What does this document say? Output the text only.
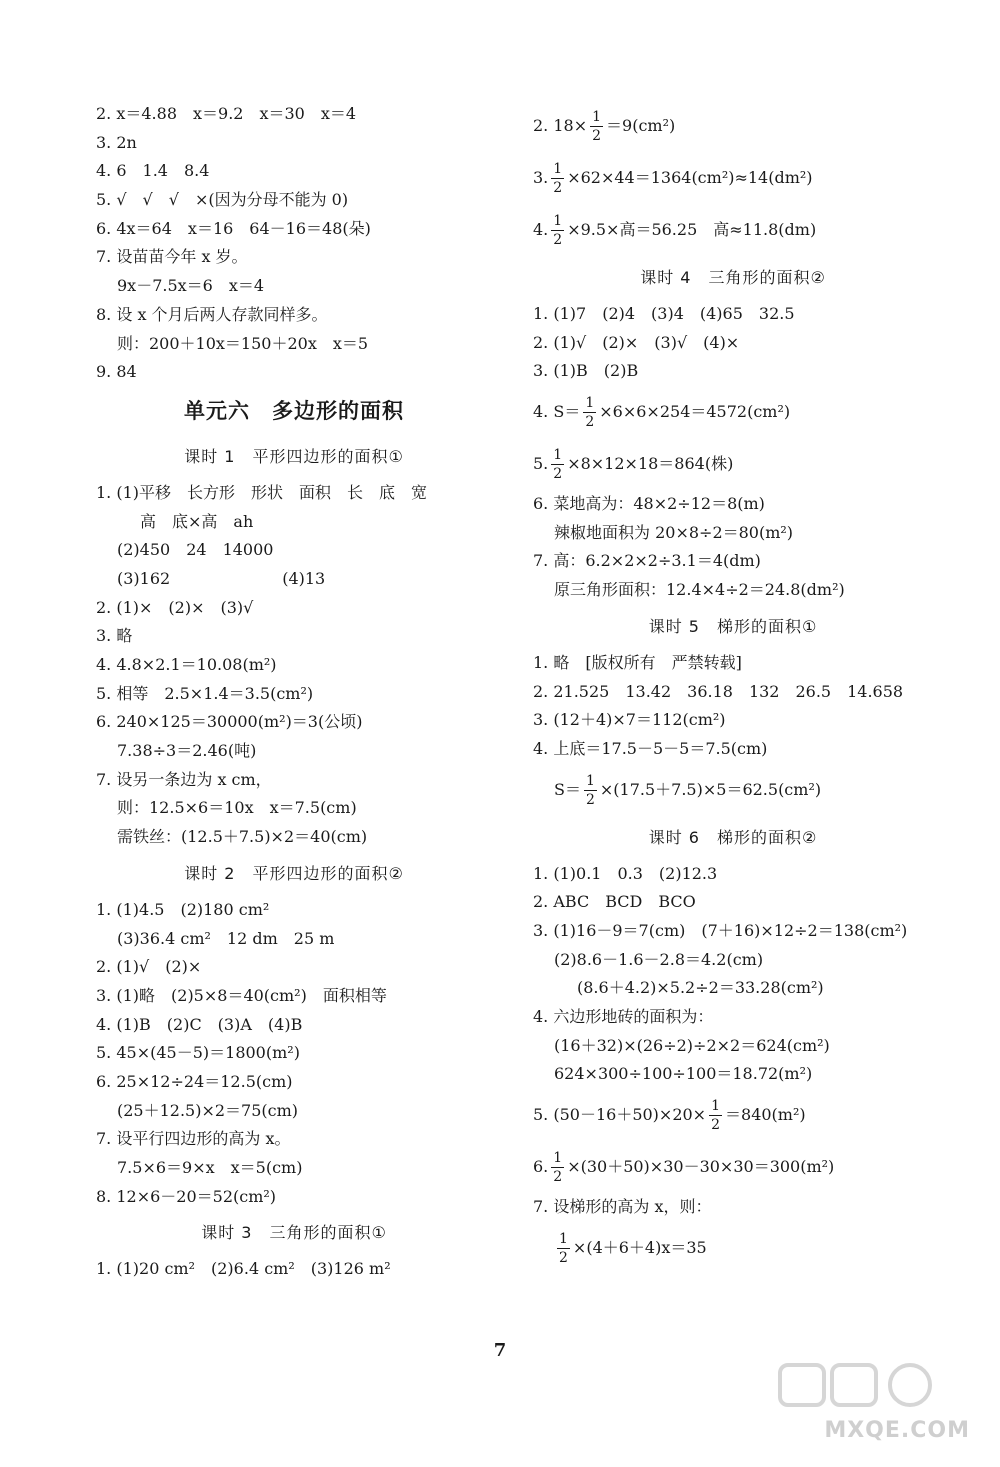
2. x＝4.88　x＝9.2　x＝30　x＝4
3. 2n
4. 6　1.4　8.4
5. √　√　√　×(因为分母不能为 0)
6. 4x＝64　x＝16　64－16＝48(朵)
7. 设苗苗今年 x 岁。
9x－7.5x＝6　x＝4
8. 设 x 个月后两人存款同样多。
则：200＋10x＝150＋20x　x＝5
9. 84
单元六　多边形的面积
课时 1　平形四边形的面积①
1. (1)平移　长方形　形状　面积　长　底　宽
高　底×高　ah
(2)450　24　14000
(3)162　　　　　　　(4)13
2. (1)×　(2)×　(3)√
3. 略
4. 4.8×2.1＝10.08(m²)
5. 相等　2.5×1.4＝3.5(cm²)
6. 240×125＝30000(m²)＝3(公顷)
7.38÷3＝2.46(吨)
7. 设另一条边为 x cm，
则：12.5×6＝10x　x＝7.5(cm)
需铁丝：(12.5＋7.5)×2＝40(cm)
课时 2　平形四边形的面积②
1. (1)4.5　(2)180 cm²
(3)36.4 cm²　12 dm　25 m
2. (1)√　(2)×
3. (1)略　(2)5×8＝40(cm²)　面积相等
4. (1)B　(2)C　(3)A　(4)B
5. 45×(45－5)＝1800(m²)
6. 25×12÷24＝12.5(cm)
(25＋12.5)×2＝75(cm)
7. 设平行四边形的高为 x。
7.5×6＝9×x　x＝5(cm)
8. 12×6－20＝52(cm²)
课时 3　三角形的面积①
1. (1)20 cm²　(2)6.4 cm²　(3)126 m²
2. $18\times \frac{1}{2} =9(cm^2)$
3. $\frac{1}{2} \times 62\times 44=1364(cm^2)\approx 14(dm^2)$
4. $\frac{1}{2} \times 9.5\times$高＝56.25　高≈11.8(dm)
课时 4　三角形的面积②
1. (1)7　(2)4　(3)4　(4)65　32.5
2. (1)√　(2)×　(3)√　(4)×
3. (1)B　(2)B
4. $S= \frac{1}{2} \times 6\times 6\times 254=4572(cm^2)$
5. $\frac{1}{2} \times 8\times 12\times 18=864$(株)
6. 菜地高为：48×2÷12＝8(m)
辣椒地面积为 20×8÷2＝80(m²)
7. 高：6.2×2×2÷3.1＝4(dm)
原三角形面积：12.4×4÷2＝24.8(dm²)
课时 5　梯形的面积①
1. 略　[版权所有　严禁转载]
2. 21.525　13.42　36.18　132　26.5　14.658
3. (12＋4)×7＝112(cm²)
4. 上底＝17.5－5－5＝7.5(cm)
$S= \frac{1}{2} \times(17.5+7.5)\times 5=62.5(cm^2)$
课时 6　梯形的面积②
1. (1)0.1　0.3　(2)12.3
2. ABC　BCD　BCO
3. (1)16－9＝7(cm)　(7＋16)×12÷2＝138(cm²)
(2)8.6－1.6－2.8＝4.2(cm)
(8.6＋4.2)×5.2÷2＝33.28(cm²)
4. 六边形地砖的面积为：
(16＋32)×(26÷2)÷2×2＝624(cm²)
624×300÷100÷100＝18.72(m²)
5. $(50-16+50)\times 20\times \frac{1}{2} =840(m^2)$
6. $\frac{1}{2} \times(30+50)\times 30-30\times 30=300(m^2)$
7. 设梯形的高为 x，则：
$\frac{1}{2} \times(4+6+4)x=35$
7
MXQE.COM
